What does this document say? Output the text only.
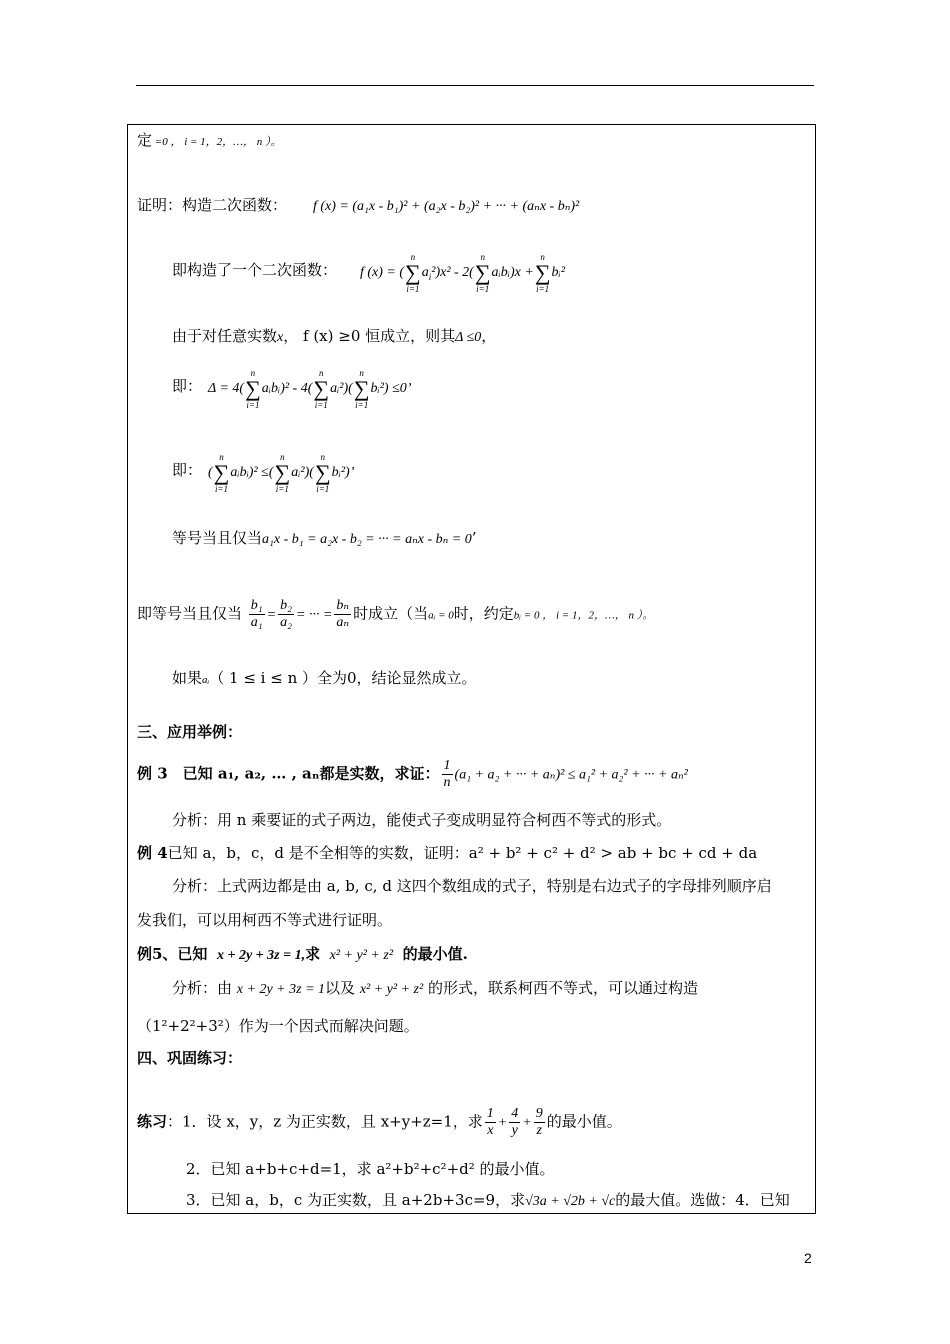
定 =0 ， i = 1，2，…， n ）。
证明：构造二次函数： f (x) = (a₁x - b₁)² + (a₂x - b₂)² + ··· + (aₙx - bₙ)²
即构造了一个二次函数： f (x) = (
n
∑
i=1
$a_i^2)x^2 - 2$(
n
∑
i=1
aᵢbᵢ)x +
n
∑
i=1
bᵢ²
由于对任意实数x， f (x) ≥0 恒成立，则其Δ ≤0，
即： Δ = 4(
n
∑
i=1
aᵢbᵢ)² - 4(
n
∑
i=1
aᵢ²)(
n
∑
i=1
bᵢ²) ≤0’
即： (
n
∑
i=1
aᵢbᵢ)² ≤(
n
∑
i=1
aᵢ²)(
n
∑
i=1
bᵢ²)’
等号当且仅当a₁x - b₁ = a₂x - b₂ = ··· = aₙx - bₙ = 0’
即等号当且仅当 $\frac{\text{b₁}}{\text{a₁}} = \frac{\text{b₂}}{\text{a₂}}$ = ··· = $\frac{\text{bₙ}}{\text{aₙ}}$ 时成立（当aᵢ = 0时，约定bᵢ = 0 ， i = 1，2，…， n ）。
如果aᵢ（ 1 ≤ i ≤ n ）全为0，结论显然成立。
三、应用举例：
例 3　已知 a₁, a₂, … , aₙ都是实数，求证： $\frac{1}{n} (a_1 + a_2$ + ··· + aₙ)² ≤ a₁² + a₂² + ··· + aₙ²
分析：用 n 乘要证的式子两边，能使式子变成明显符合柯西不等式的形式。
例 4已知 a，b，c，d 是不全相等的实数，证明：a² + b² + c² + d² > ab + bc + cd + da
分析：上式两边都是由 a, b, c, d 这四个数组成的式子，特别是右边式子的字母排列顺序启
发我们，可以用柯西不等式进行证明。
例5、已知 x + 2y + 3z = 1,求 x² + y² + z² 的最小值.
分析：由 x + 2y + 3z = 1以及 x² + y² + z² 的形式，联系柯西不等式，可以通过构造
（1²+2²+3²）作为一个因式而解决问题。
四、巩固练习：
练习：1．设 x，y，z 为正实数，且 x+y+z=1，求 $\frac{1}{x} + \frac{4}{y} + \frac{9}{z}$ 的最小值。
2．已知 a+b+c+d=1，求 a²+b²+c²+d² 的最小值。
3．已知 a，b，c 为正实数，且 a+2b+3c=9，求√3a + √2b + √c的最大值。选做：4．已知
2
